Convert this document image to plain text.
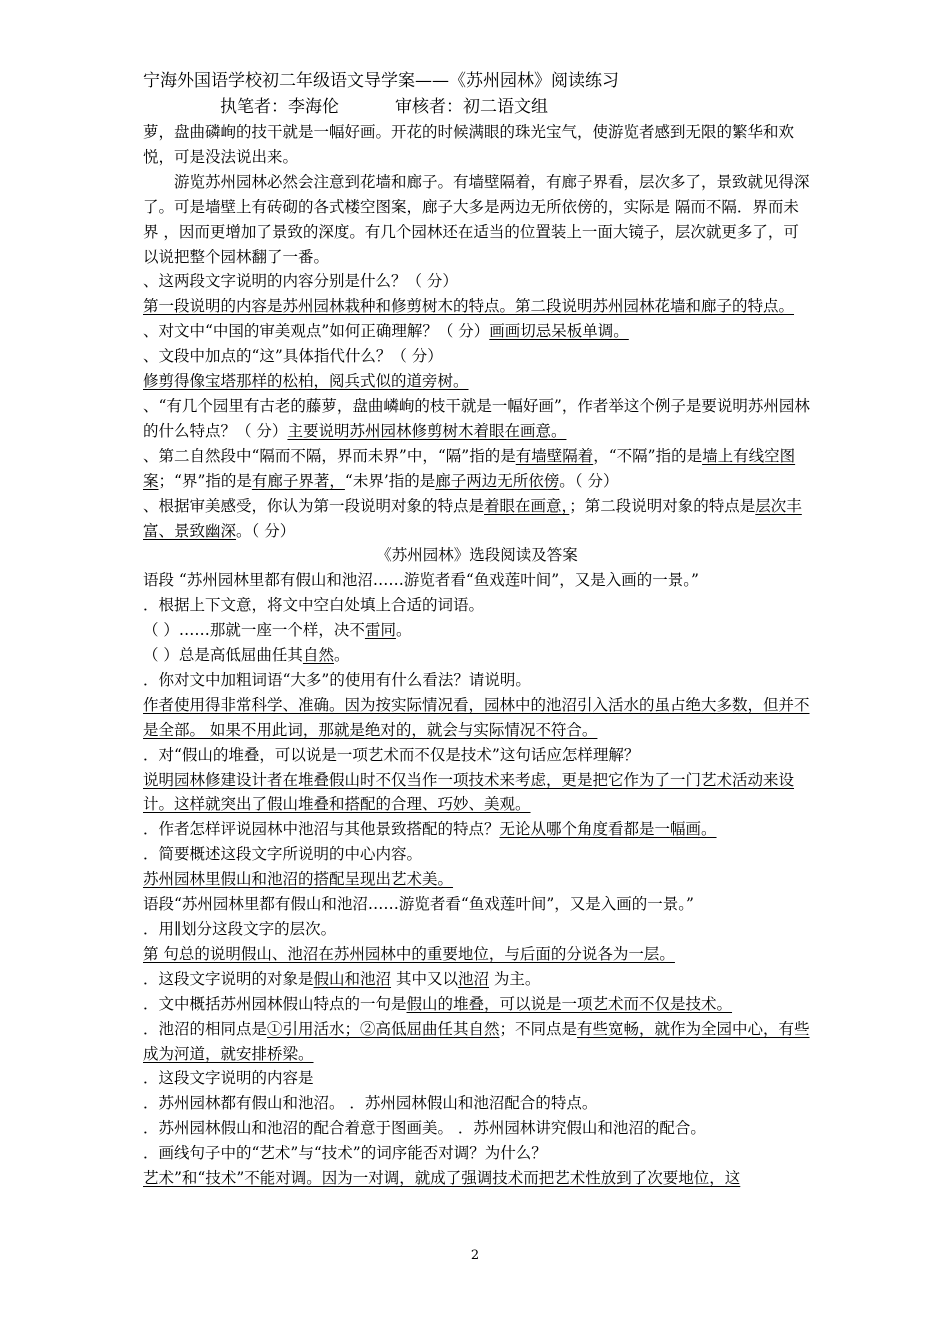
宁海外国语学校初二年级语文导学案——《苏州园林》阅读练习
执笔者：李海伦	审核者：初二语文组

萝，盘曲磷峋的技干就是一幅好画。开花的时候满眼的珠光宝气，使游览者感到无限的繁华和欢悦，可是没法说出来。

游览苏州园林必然会注意到花墙和廊子。有墙壁隔着，有廊子界看，层次多了，景致就见得深了。可是墙壁上有砖砌的各式楼空图案，廊子大多是两边无所依傍的，实际是 隔而不隔．界而未界 ，因而更增加了景致的深度。有几个园林还在适当的位置装上一面大镜子，层次就更多了，可以说把整个园林翻了一番。

、这两段文字说明的内容分别是什么？（ 分）

第一段说明的内容是苏州园林栽种和修剪树木的特点。第二段说明苏州园林花墙和廊子的特点。

、对文中“中国的审美观点”如何正确理解？（ 分）画画切忌呆板单调。

、文段中加点的“这”具体指代什么？（ 分）

修剪得像宝塔那样的松柏，阅兵式似的道旁树。

、“有几个园里有古老的藤萝，盘曲嶙峋的枝干就是一幅好画”，作者举这个例子是要说明苏州园林的什么特点？（ 分）主要说明苏州园林修剪树木着眼在画意。

、第二自然段中“隔而不隔，界而未界”中，“隔”指的是有墙壁隔着，“不隔”指的是墙上有线空图案；“界”指的是有廊子界著，“未界’指的是廊子两边无所依傍。（ 分）

、根据审美感受，你认为第一段说明对象的特点是着眼在画意，；第二段说明对象的特点是层次丰富、景致幽深。（ 分）

《苏州园林》选段阅读及答案

语段 “苏州园林里都有假山和池沼……游览者看“鱼戏莲叶间”，又是入画的一景。”

．根据上下文意，将文中空白处填上合适的词语。

（ ）……那就一座一个样，决不雷同。

（ ）总是高低屈曲任其自然。

．你对文中加粗词语“大多”的使用有什么看法？请说明。

作者使用得非常科学、准确。因为按实际情况看，园林中的池沼引入活水的虽占绝大多数，但并不是全部。 如果不用此词，那就是绝对的，就会与实际情况不符合。

．对“假山的堆叠，可以说是一项艺术而不仅是技术”这句话应怎样理解？

说明园林修建设计者在堆叠假山时不仅当作一项技术来考虑，更是把它作为了一门艺术活动来设计。这样就突出了假山堆叠和搭配的合理、巧妙、美观。

．作者怎样评说园林中池沼与其他景致搭配的特点？无论从哪个角度看都是一幅画。

．简要概述这段文字所说明的中心内容。

苏州园林里假山和池沼的搭配呈现出艺术美。

语段“苏州园林里都有假山和池沼……游览者看“鱼戏莲叶间”，又是入画的一景。”

．用∥划分这段文字的层次。

第 句总的说明假山、池沼在苏州园林中的重要地位，与后面的分说各为一层。

．这段文字说明的对象是假山和池沼 其中又以池沼 为主。

．文中概括苏州园林假山特点的一句是假山的堆叠，可以说是一项艺术而不仅是技术。

．池沼的相同点是①引用活水；②高低屈曲任其自然；不同点是有些宽畅，就作为全园中心，有些成为河道，就安排桥梁。

．这段文字说明的内容是

．苏州园林都有假山和池沼。 ．苏州园林假山和池沼配合的特点。

．苏州园林假山和池沼的配合着意于图画美。 ．苏州园林讲究假山和池沼的配合。

．画线句子中的“艺术”与“技术”的词序能否对调？为什么？

艺术”和“技术”不能对调。因为一对调，就成了强调技术而把艺术性放到了次要地位，这

2
